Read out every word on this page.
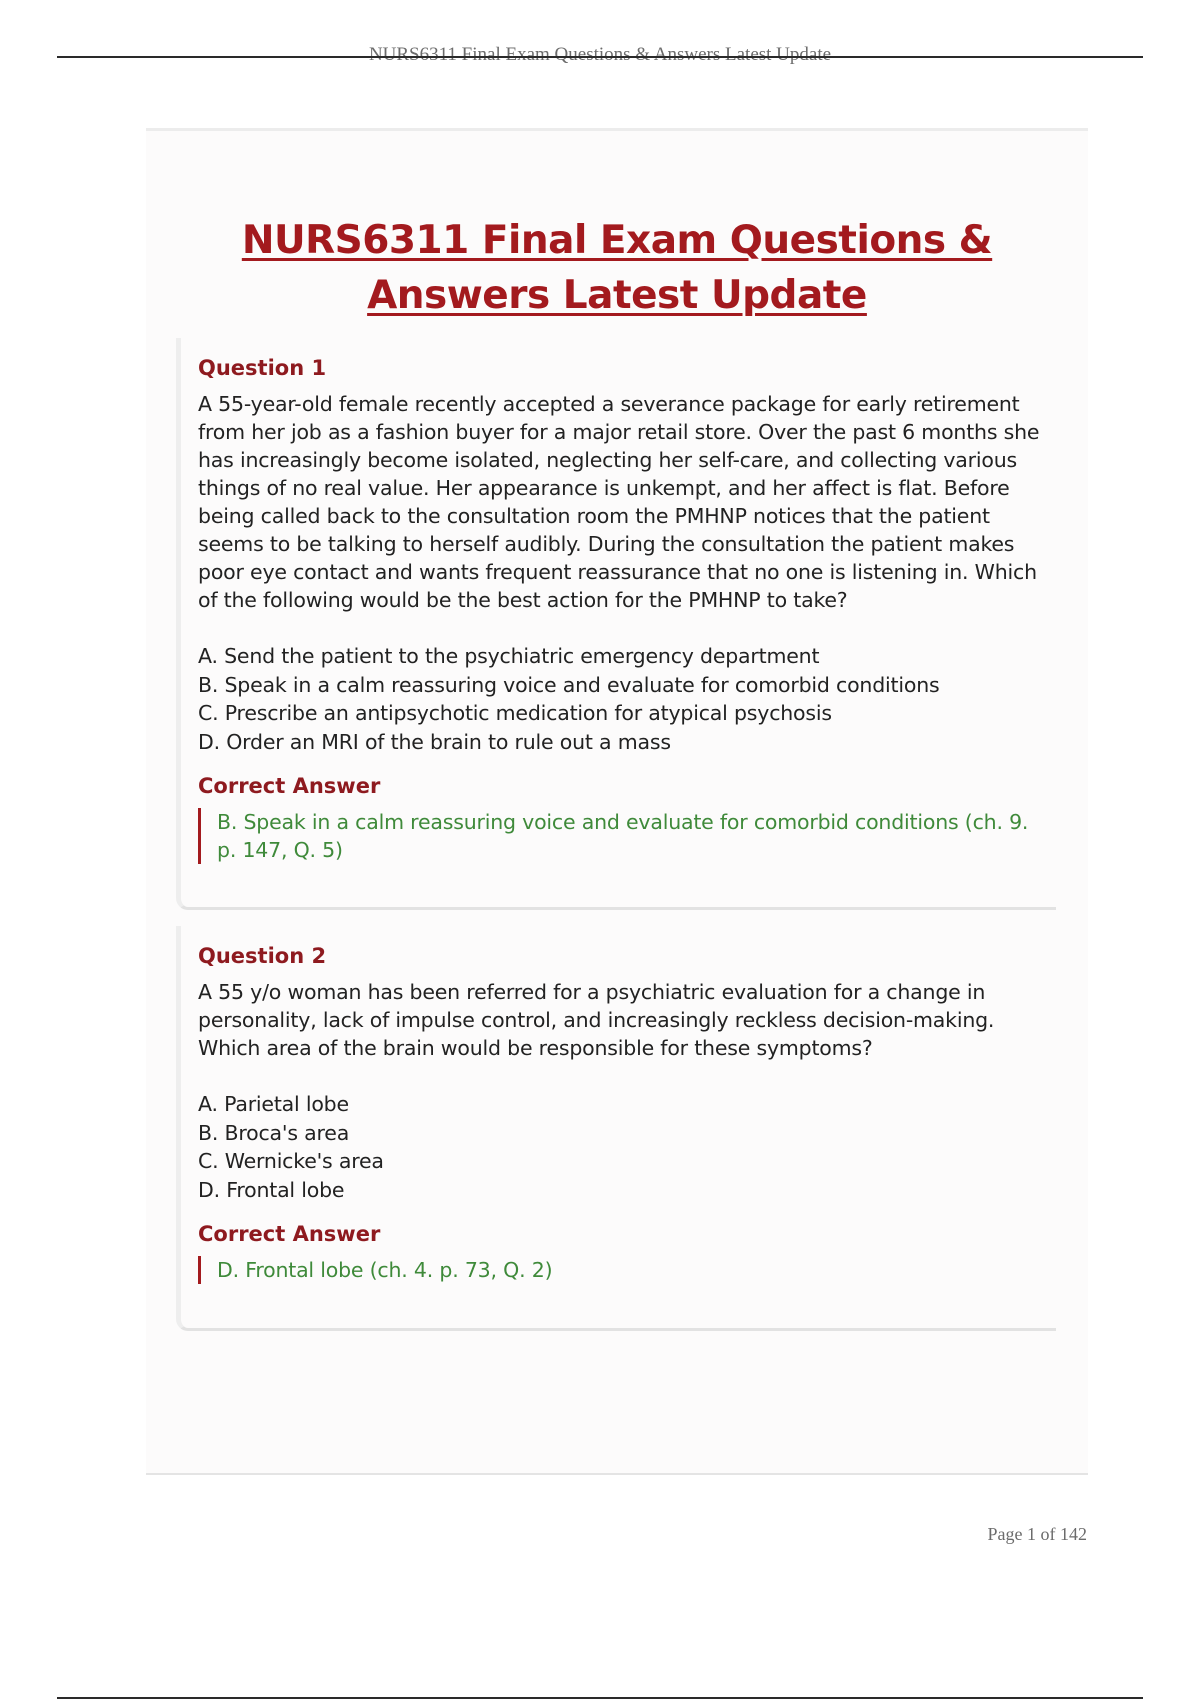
NURS6311 Final Exam Questions & Answers Latest Update
NURS6311 Final Exam Questions & Answers Latest Update

Question 1

A 55-year-old female recently accepted a severance package for early retirement from her job as a fashion buyer for a major retail store. Over the past 6 months she has increasingly become isolated, neglecting her self-care, and collecting various things of no real value. Her appearance is unkempt, and her affect is flat. Before being called back to the consultation room the PMHNP notices that the patient seems to be talking to herself audibly. During the consultation the patient makes poor eye contact and wants frequent reassurance that no one is listening in. Which of the following would be the best action for the PMHNP to take?

A. Send the patient to the psychiatric emergency department
B. Speak in a calm reassuring voice and evaluate for comorbid conditions
C. Prescribe an antipsychotic medication for atypical psychosis
D. Order an MRI of the brain to rule out a mass

Correct Answer

B. Speak in a calm reassuring voice and evaluate for comorbid conditions (ch. 9. p. 147, Q. 5)

Question 2

A 55 y/o woman has been referred for a psychiatric evaluation for a change in personality, lack of impulse control, and increasingly reckless decision-making. Which area of the brain would be responsible for these symptoms?

A. Parietal lobe
B. Broca's area
C. Wernicke's area
D. Frontal lobe

Correct Answer

D. Frontal lobe (ch. 4. p. 73, Q. 2)
Page 1 of 142
